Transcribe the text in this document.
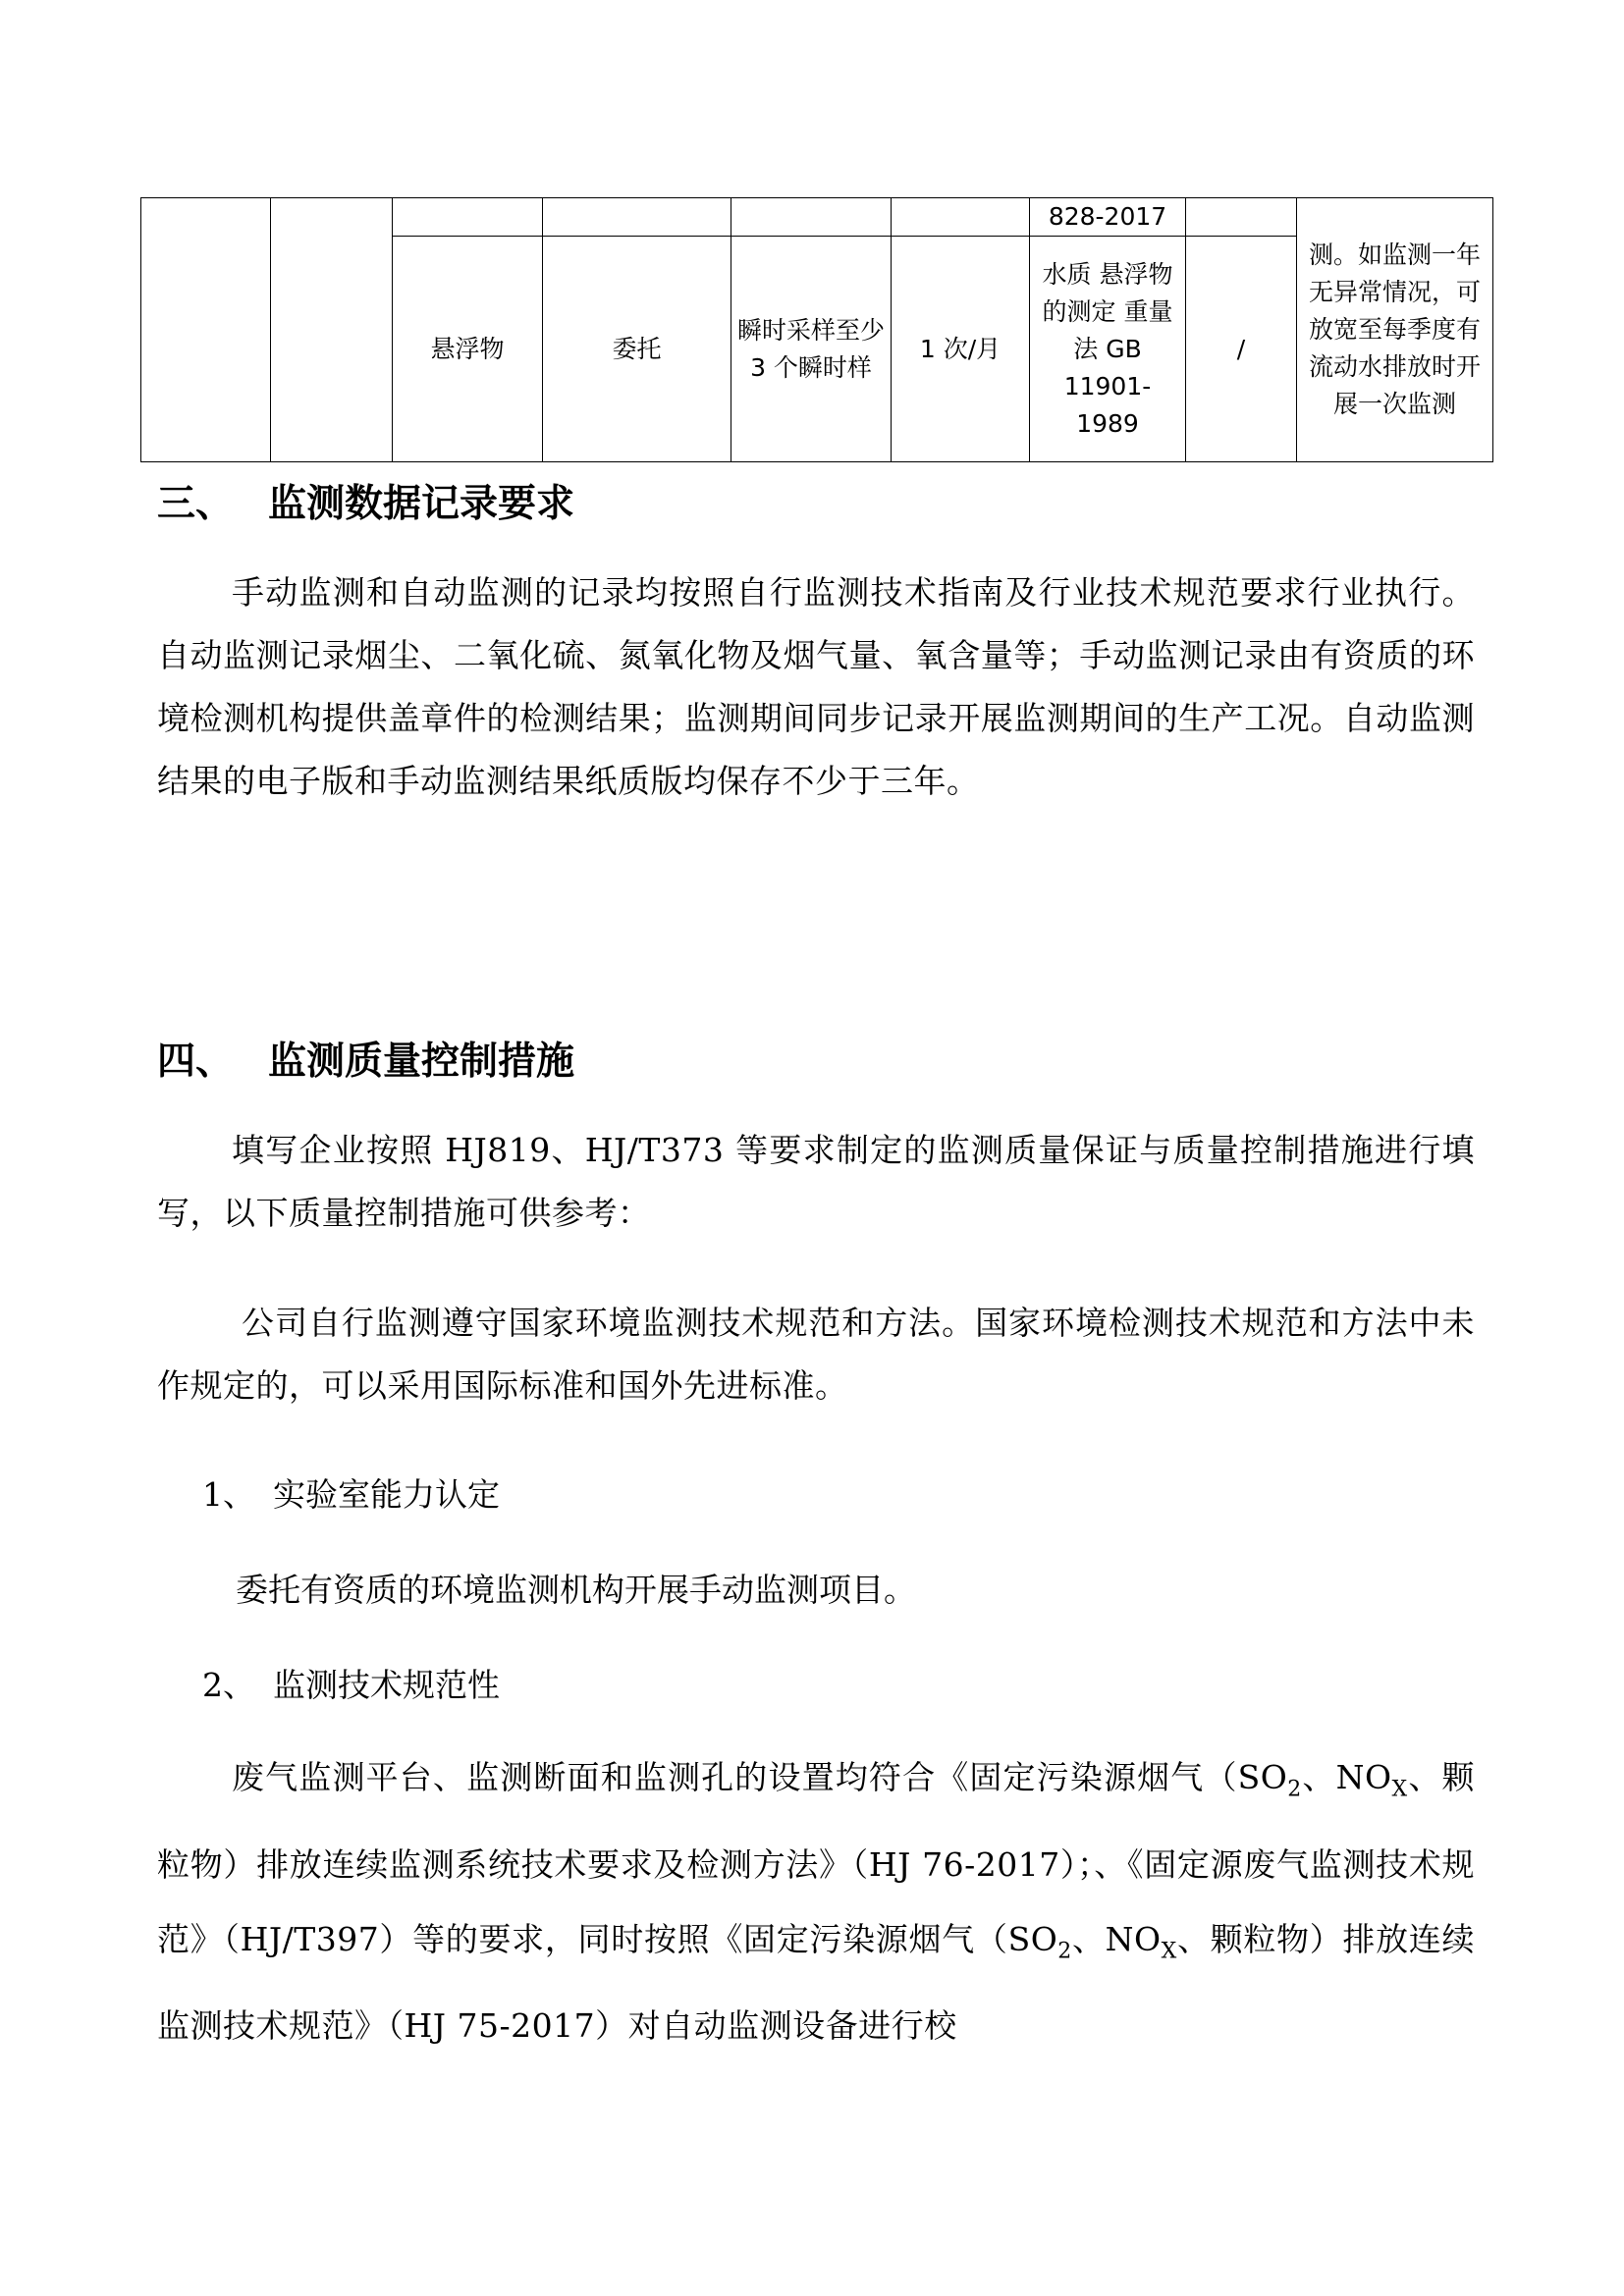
						828-2017		测。如监测一年无异常情况，可放宽至每季度有流动水排放时开展一次监测
		悬浮物	委托	瞬时采样至少 3 个瞬时样	1 次/月	水质 悬浮物的测定 重量法 GB 11901-1989	/	
三、 监测数据记录要求
手动监测和自动监测的记录均按照自行监测技术指南及行业技术规范要求行业执行。自动监测记录烟尘、二氧化硫、氮氧化物及烟气量、氧含量等；手动监测记录由有资质的环境检测机构提供盖章件的检测结果；监测期间同步记录开展监测期间的生产工况。自动监测结果的电子版和手动监测结果纸质版均保存不少于三年。
四、 监测质量控制措施
填写企业按照 HJ819、HJ/T373 等要求制定的监测质量保证与质量控制措施进行填写，以下质量控制措施可供参考：
公司自行监测遵守国家环境监测技术规范和方法。国家环境检测技术规范和方法中未作规定的，可以采用国际标准和国外先进标准。
1、 实验室能力认定
委托有资质的环境监测机构开展手动监测项目。
2、 监测技术规范性
废气监测平台、监测断面和监测孔的设置均符合《固定污染源烟气（$SO_2$、$NO_X$、颗粒物）排放连续监测系统技术要求及检测方法》（HJ 76-2017）；、《固定源废气监测技术规范》（HJ/T397）等的要求，同时按照《固定污染源烟气（$SO_2$、$NO_X$、颗粒物）排放连续监测技术规范》（HJ 75-2017）对自动监测设备进行校
